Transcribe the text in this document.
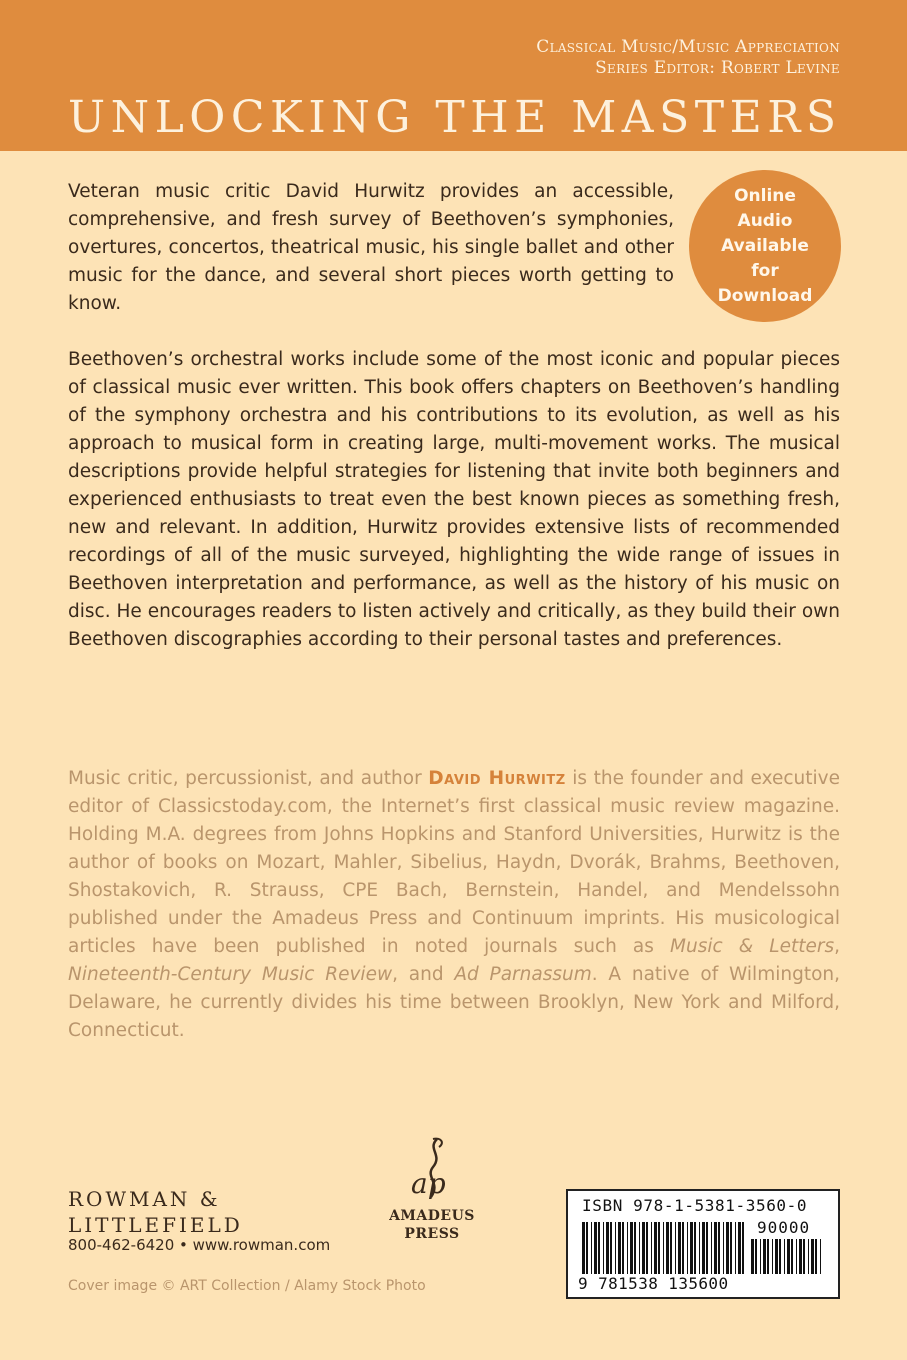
Classical Music/Music Appreciation
Series Editor: Robert Levine
UNLOCKING THE MASTERS
Online Audio Available for Download
Veteran music critic David Hurwitz provides an accessible, comprehensive, and fresh survey of Beethoven’s symphonies, overtures, concertos, theatrical music, his single ballet and other music for the dance, and several short pieces worth getting to know.
Beethoven’s orchestral works include some of the most iconic and popular pieces of classical music ever written. This book offers chapters on Beethoven’s handling of the symphony orchestra and his contributions to its evolution, as well as his approach to musical form in creating large, multi-movement works. The musical descriptions provide helpful strategies for listening that invite both beginners and experienced enthusiasts to treat even the best known pieces as something fresh, new and relevant. In addition, Hurwitz provides extensive lists of recommended recordings of all of the music surveyed, highlighting the wide range of issues in Beethoven interpretation and performance, as well as the history of his music on disc. He encourages readers to listen actively and critically, as they build their own Beethoven discographies according to their personal tastes and preferences.
Music critic, percussionist, and author David Hurwitz is the founder and executive editor of Classicstoday.com, the Internet’s first classical music review magazine. Holding M.A. degrees from Johns Hopkins and Stanford Universities, Hurwitz is the author of books on Mozart, Mahler, Sibelius, Haydn, Dvorák, Brahms, Beethoven, Shostakovich, R. Strauss, CPE Bach, Bernstein, Handel, and Mendelssohn published under the Amadeus Press and Continuum imprints. His musicological articles have been published in noted journals such as Music & Letters, Nineteenth-Century Music Review, and Ad Parnassum. A native of Wilmington, Delaware, he currently divides his time between Brooklyn, New York and Milford, Connecticut.
ROWMAN &
LITTLEFIELD
800-462-6420 • www.rowman.com
ap
AMADEUS
PRESS
Cover image © ART Collection / Alamy Stock Photo
ISBN 978-1-5381-3560-0
90000
9 781538 135600
